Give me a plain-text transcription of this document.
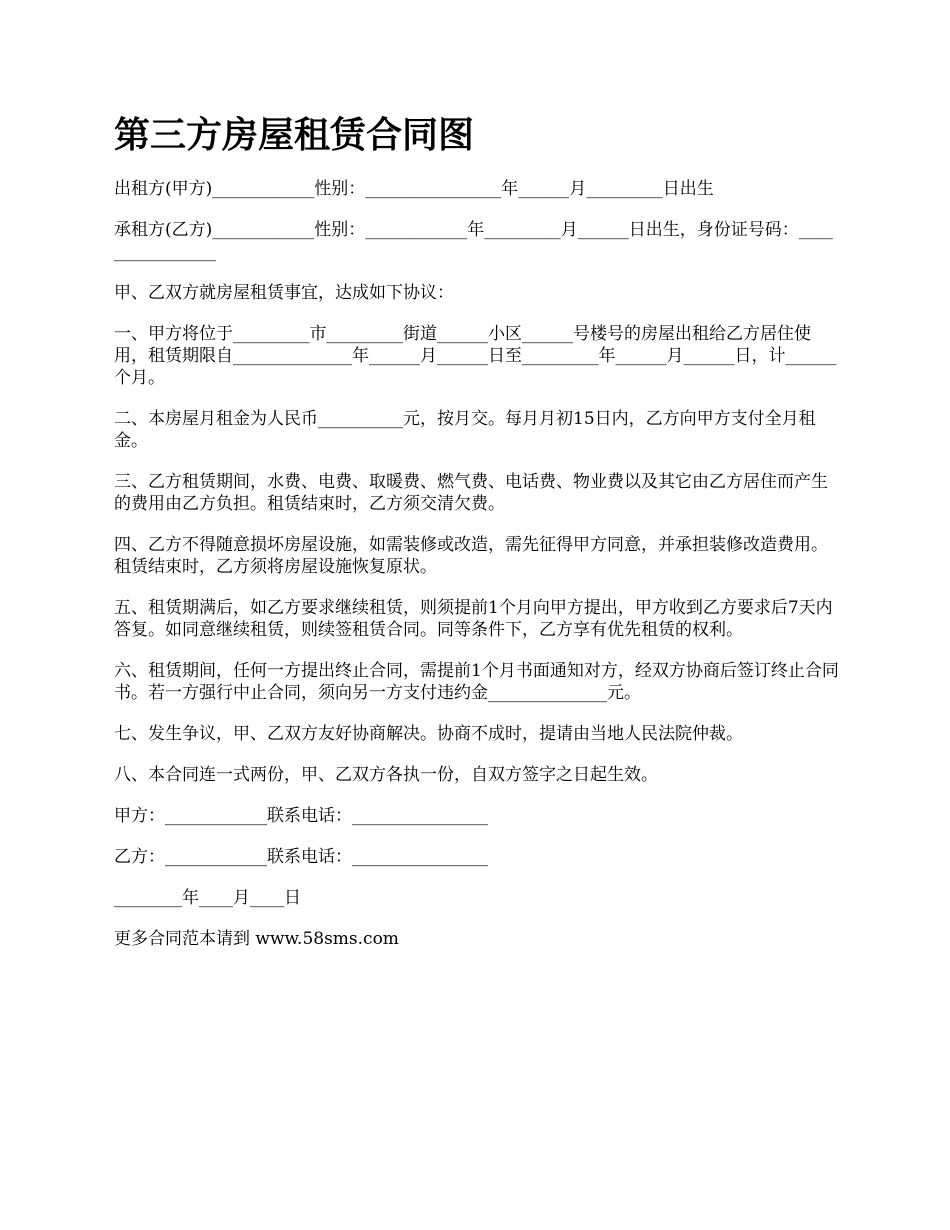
第三方房屋租赁合同图

出租方(甲方)____________性别：________________年______月_________日出生

承租方(乙方)____________性别：____________年_________月______日出生，身份证号码：________________

甲、乙双方就房屋租赁事宜，达成如下协议：

一、甲方将位于_________市_________街道______小区______号楼号的房屋出租给乙方居住使用，租赁期限自______________年______月______日至_________年______月______日，计______个月。

二、本房屋月租金为人民币__________元，按月交。每月月初15日内，乙方向甲方支付全月租金。

三、乙方租赁期间，水费、电费、取暖费、燃气费、电话费、物业费以及其它由乙方居住而产生的费用由乙方负担。租赁结束时，乙方须交清欠费。

四、乙方不得随意损坏房屋设施，如需装修或改造，需先征得甲方同意，并承担装修改造费用。租赁结束时，乙方须将房屋设施恢复原状。

五、租赁期满后，如乙方要求继续租赁，则须提前1个月向甲方提出，甲方收到乙方要求后7天内答复。如同意继续租赁，则续签租赁合同。同等条件下，乙方享有优先租赁的权利。

六、租赁期间，任何一方提出终止合同，需提前1个月书面通知对方，经双方协商后签订终止合同书。若一方强行中止合同，须向另一方支付违约金______________元。

七、发生争议，甲、乙双方友好协商解决。协商不成时，提请由当地人民法院仲裁。

八、本合同连一式两份，甲、乙双方各执一份，自双方签字之日起生效。

甲方：____________联系电话：________________

乙方：____________联系电话：________________

________年____月____日

更多合同范本请到 www.58sms.com
